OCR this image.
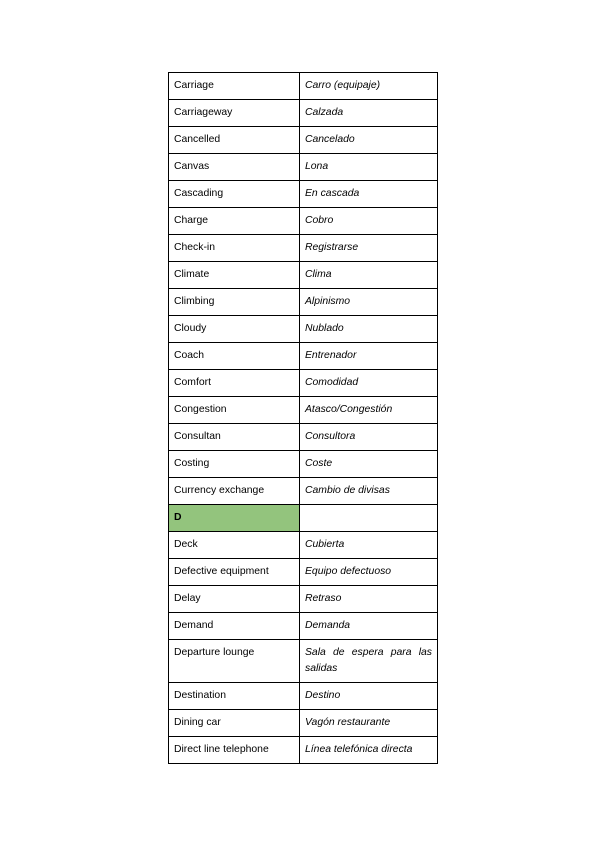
Carriage	Carro (equipaje)
Carriageway	Calzada
Cancelled	Cancelado
Canvas	Lona
Cascading	En cascada
Charge	Cobro
Check-in	Registrarse
Climate	Clima
Climbing	Alpinismo
Cloudy	Nublado
Coach	Entrenador
Comfort	Comodidad
Congestion	Atasco/Congestión
Consultan	Consultora
Costing	Coste
Currency exchange	Cambio de divisas
D	
Deck	Cubierta
Defective equipment	Equipo defectuoso
Delay	Retraso
Demand	Demanda
Departure lounge	Sala de espera para las salidas
Destination	Destino
Dining car	Vagón restaurante
Direct line telephone	Línea telefónica directa
